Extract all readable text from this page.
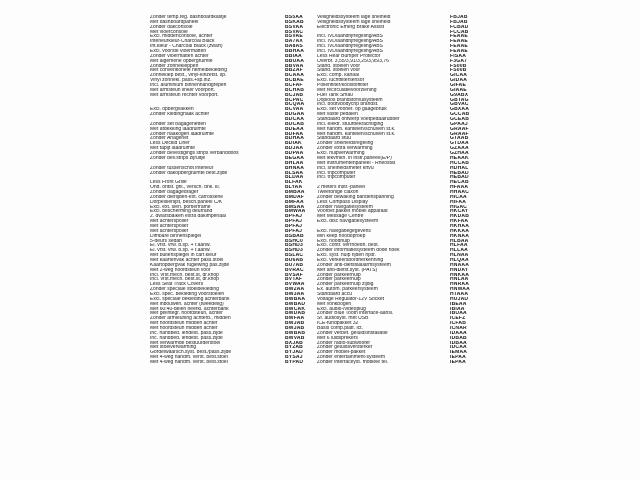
Zonder temp.reg. dashboardkastje	BS5AA	Veiligheidssysteem lage snelheid	FBJAB
Met dashboardpaneel	BSKAB	Veiligheidssysteem lage snelheid	FBJAB
Zonder dakconsole	BSVAA	Electronic Emerg Brake Assist	FCBAD
Met vloerconsole	BSVAC	FCCAB
Excl. middenconsole, achter	BSVAE	Incl. IVD/aandrijfregeling/ABS	FEAAE
Interieurkleur-Charcoal Black	BA7AX	Incl. IVD/aandrijfregeling/ABS	FEAAE
Int.kleur - Charcoal Black (zwart)	BA8AS	Incl. IVD/aandrijfregeling/ABS	FEAAE
Excl. voorste vloermatten	BBHAA	Incl. IVD/aandrijfregeling/ABS	FEAAE
Zonder vloermatten achter	BBIAA	Less Rear Bumper Protector	FISAA
Met algemene opbergruimte	BBUAA	Overbr. 3,55/3,91/3,25/3,95/3,76	F3GA7
Zonder zonnekleppen	BBVAA	Stand. stoelen voor	FS00B
Met conventionele hemelbekleding	BBZAF	Stand. stoelen voor	FS00B
Zonneklep best., vinyl-kinzetst. sp.	BCAAA	Excl. comp. kanaal	GICAA
Vinyl zonnekl. pass.+sp.inz.	BCBAE	Excl. luchtfiltersensor	GIDAA
Incl. aluminium binnenhandgrepen	BCFAF	Pollenfilter/koolstoffilter	GIFAE
Met armsteun linker voorport.	BCHAB	Met recirculatievoorziening	GIAAE
Met armsteun rechter voorport.	BCJAB	Fuel Tank Sma0	G9ABX
BCPAC	Dopioos brandstofvulsysteem	GBTAG
BCQAA	Incl. bodh/bodycrip brandst.	GBVAC
Excl. opbergvakken	BCVAA	Excl. set voorler. op gaagebruik	GBXAA
Zonder kledinghaak achter	BDGAA	Met vaste pedalen	GCCAB
BDCAA	Standaard ontwerp voetpedaalrubber	GCEAB
Zonder set bagagenetten	BDCAB	Incl. elektr. stuurbekrachtiging	GPAAJ
Met afdekking laadruimte	BDEAA	Met handm. kantelen/schuiven st.k.	GRAAF
Zonder haakogen laadruimte	BDFAA	Met handm. kantelen/schuiven st.k.	GRAAF
Zonder Anagenet	BDHAA	Standaard stuu	GTAAB
Less Deckid Liner	BDIAK	Zonder snelheidsregeling	GTDAA
Met tapijt laadruimte	BDJAA	Zonder extra verwarming	GZAAA
Zonder bevestigings strips verbanddoos	BDPAA	Excl. hulpverwarming	GZHAA
Zonder bev.strips zijruitje	BEGAA	Met lekvrnkh. in instr.paneel/(E/P)	HEAAK
BHLAA	Met instrumentenpaneel - Rheostat	HCCAB
Zonder tussenschot interieur	BHNAA	Incl. snelheidsmeter km/u	HDHAL
Zonder dakopbergruimte best.zijde	BLSAA	Incl. tripcomputer	HEBAD
BLDAA	Incl. tripcomputer	HEBAD
Less Front Grille	BLFAK	HECAB
Ond. ontst. gril., versch. dnk. kl.	BLYAA	2 meters instr.-paneel	HFAAA
Zonder bagagedrager	BMBAA	Tweetonige claxon	HHAAC
Zonder dierlijden-ext. carrosserie	BMDAF	Zonder bewaking bandenspanning	HICAA
Dorpelsierlijst, besch.paneel C/K	BMFAA	Less Compass Display	HIFAA
Excl. ext. sierl. portierframe	BMSAA	Zonder navigatiesysteem	HIGAC
Excl. bescherming deurrand	BMWAA	Voorber.pakket mobiel apparaat	HKCAY
2. dwarsbalken extra dakimperiaal	BPFAJ	Met Message Centre	HKDAB
Met achterspoiler	BPFAJ	Excl. disc navigatiesysteem	HKFAA
Met achterspoiler	BPFAJ	HKHAA
Met achterspoiler	BPFAJ	Excl. navigatiegegevens	HKKAA
Dimbare binnenspiegel	BSBAB	Min keep noodoproep	HKNAA
5-deurs sedan	BSHC0	Excl. noodhulp	HLBAA
El. vrst. vrw. b.sp. + r.aanw.	BSHD3	Excl. contr. verrnoedh. best.	HLFAA
El. vrst. vrw. b.sp. + r.aanw.	BSHD3	Zonder informatiesysteem dode hoek	HLLAA
Met buitenspiegel in carr.kleur	BSLAC	Excl. syst. hulp rijden rijstr.	HLNAA
Met kaartenvak achter pass.stoel	BU6AB	Excl. verkeersbordherkenning	HLQAA
Kaartopbergvak ruglewing pas.zijde	BU7AB	Zonder anti-diefstalalarmsysteem	HNAAA
Met 2-weg hoofdsteun voor	BVRAC	Met anti-diefst.syst. (PATS)	HNDAY
Incl. vrst.mech. best.st, dr.knop	BVSAF	Zonder parkeerhulp	HNKAA
Incl. vrst.mech. best.st, dr.knop	BVTAF	Zonder parkeerhulp	HNLAA
Less Seat Track Covers	BVWAA	Zonder parkeerhulp zijdig	HNRAA
Zonder speciale stoelbekleding	BW2AA	Ex. autom. parkeersysteem	HNWAA
Excl. spec. bekleding voorstoelen	BW3AA	Standaard accu	HTAAA
Excl. speciale bekleding achterbank	BWBAA	Voltage Regulator-12V Socket	HUJAD
Met inbouwen. achter (tweedelig)	BWBAD	Met vonkbogen	IBEAA
Met 60:40-delen neerkl. achterbank	BWCAK	Excl. audio-/videoplug	IBIAA
Met gelintegr. hoofdsteun, achter	BWDAB	Zonder Blue Tooth interface-aansl.	IBUAA
Zonder armleuning achterb., midden	BWFAA	Sf. audiosyst. met USB	ICEFZ
Met hoofdsteun midden achter	BWJAB	ICE-fundpakket 32	ICFAB
Met hoofdsteun midden achter	BWJAB	Basis comp.platf. ict.	ICNAR
Inc. handbed. lendest. pass.zijde	BWBAB	Zonder verbet. geluidsinstallatie	IDAAA
Inc. handbed. lendest. pass.zijde	BWVAB	Met 6 luidsprekers	IDBAB
Met verwarmde bestuurderstoel	BXJAB	Zonder radio-subwoofer	IDBAA
Met stoelverwarming	BY2AB	Zonder geluidsversterker	IDCAA
Gordelwaarsch.syst. best./pass.zijde	BYJAD	Zonder mobiel-pakket	IEMAA
Met 4-weg handm. verst. best.stoel	BYSAJ	Zonder entertainment-systeem	IEPAA
Met 4-weg handm. verst. best.stoel	BYPAD	Zonder interfaceyst. mobiele tel.	IEPAA
